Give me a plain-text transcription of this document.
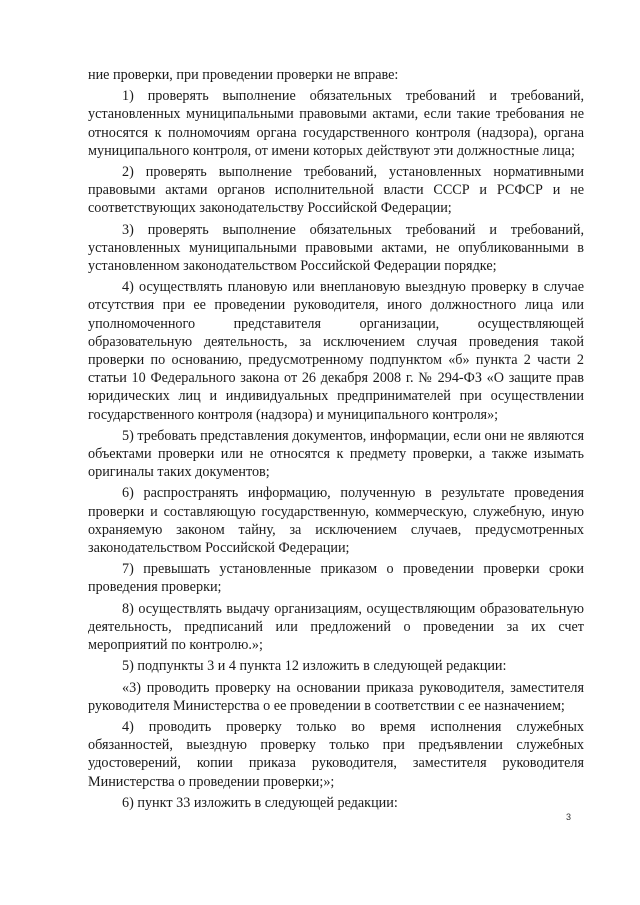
ние проверки, при проведении проверки не вправе:

1) проверять выполнение обязательных требований и требований, установленных муниципальными правовыми актами, если такие требования не относятся к полномочиям органа государственного контроля (надзора), органа муниципального контроля, от имени которых действуют эти должностные лица;

2) проверять выполнение требований, установленных нормативными правовыми актами органов исполнительной власти СССР и РСФСР и не соответствующих законодательству Российской Федерации;

3) проверять выполнение обязательных требований и требований, установленных муниципальными правовыми актами, не опубликованными в установленном законодательством Российской Федерации порядке;

4) осуществлять плановую или внеплановую выездную проверку в случае отсутствия при ее проведении руководителя, иного должностного лица или уполномоченного представителя организации, осуществляющей образовательную деятельность, за исключением случая проведения такой проверки по основанию, предусмотренному подпунктом «б» пункта 2 части 2 статьи 10 Федерального закона от 26 декабря 2008 г. № 294-ФЗ «О защите прав юридических лиц и индивидуальных предпринимателей при осуществлении государственного контроля (надзора) и муниципального контроля»;

5) требовать представления документов, информации, если они не являются объектами проверки или не относятся к предмету проверки, а также изымать оригиналы таких документов;

6) распространять информацию, полученную в результате проведения проверки и составляющую государственную, коммерческую, служебную, иную охраняемую законом тайну, за исключением случаев, предусмотренных законодательством Российской Федерации;

7) превышать установленные приказом о проведении проверки сроки проведения проверки;

8) осуществлять выдачу организациям, осуществляющим образовательную деятельность, предписаний или предложений о проведении за их счет мероприятий по контролю.»;

5) подпункты 3 и 4 пункта 12 изложить в следующей редакции:

«3) проводить проверку на основании приказа руководителя, заместителя руководителя Министерства о ее проведении в соответствии с ее назначением;

4) проводить проверку только во время исполнения служебных обязанностей, выездную проверку только при предъявлении служебных удостоверений, копии приказа руководителя, заместителя руководителя Министерства о проведении проверки;»;

6) пункт 33 изложить в следующей редакции:

3
